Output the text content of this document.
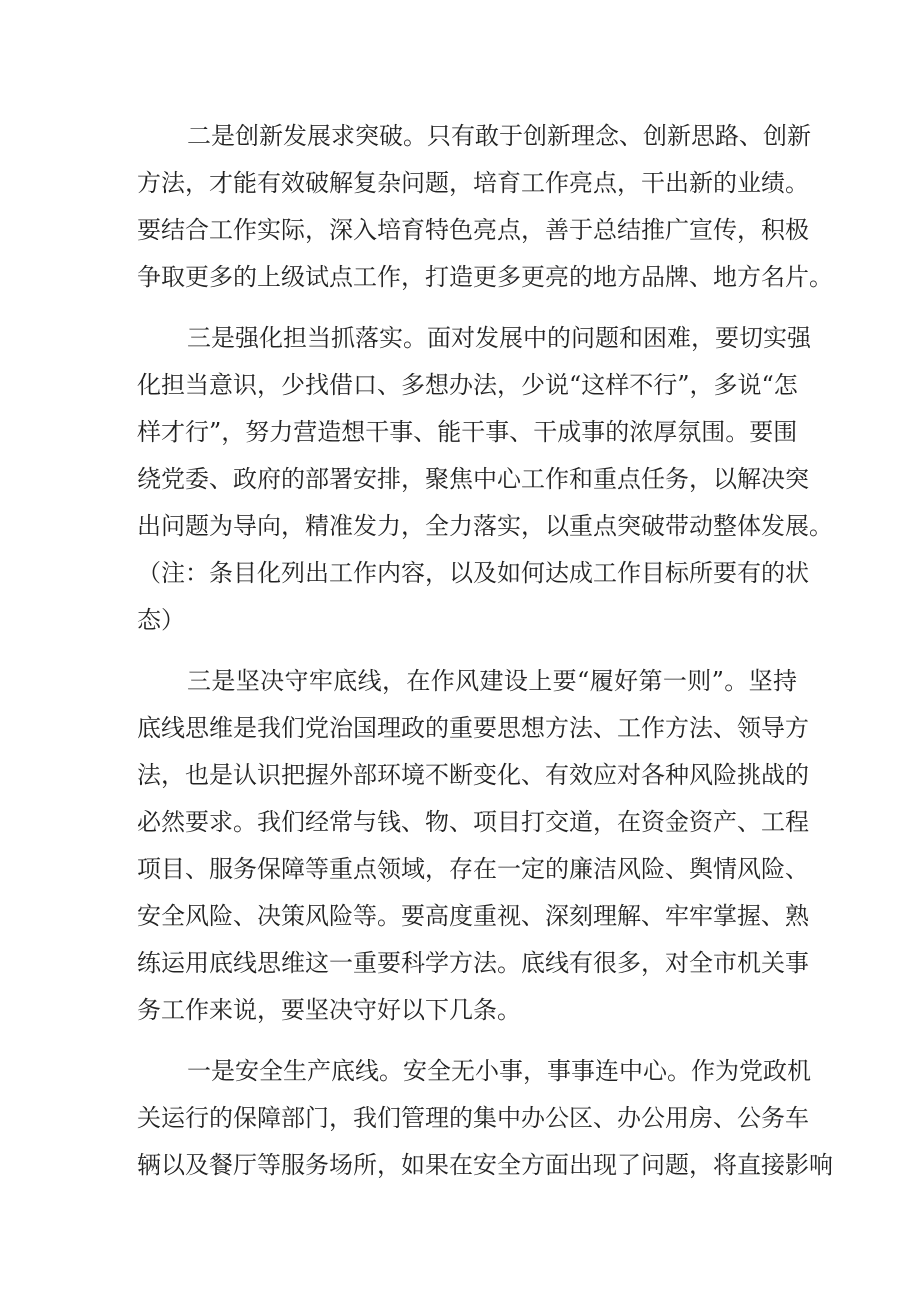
二是创新发展求突破。只有敢于创新理念、创新思路、创新
方法，才能有效破解复杂问题，培育工作亮点，干出新的业绩。
要结合工作实际，深入培育特色亮点，善于总结推广宣传，积极
争取更多的上级试点工作，打造更多更亮的地方品牌、地方名片。
三是强化担当抓落实。面对发展中的问题和困难，要切实强
化担当意识，少找借口、多想办法，少说“这样不行”，多说“怎
样才行”，努力营造想干事、能干事、干成事的浓厚氛围。要围
绕党委、政府的部署安排，聚焦中心工作和重点任务，以解决突
出问题为导向，精准发力，全力落实，以重点突破带动整体发展。
（注：条目化列出工作内容，以及如何达成工作目标所要有的状
态）
三是坚决守牢底线，在作风建设上要“履好第一则”。坚持
底线思维是我们党治国理政的重要思想方法、工作方法、领导方
法，也是认识把握外部环境不断变化、有效应对各种风险挑战的
必然要求。我们经常与钱、物、项目打交道，在资金资产、工程
项目、服务保障等重点领域，存在一定的廉洁风险、舆情风险、
安全风险、决策风险等。要高度重视、深刻理解、牢牢掌握、熟
练运用底线思维这一重要科学方法。底线有很多，对全市机关事
务工作来说，要坚决守好以下几条。
一是安全生产底线。安全无小事，事事连中心。作为党政机
关运行的保障部门，我们管理的集中办公区、办公用房、公务车
辆以及餐厅等服务场所，如果在安全方面出现了问题，将直接影响
